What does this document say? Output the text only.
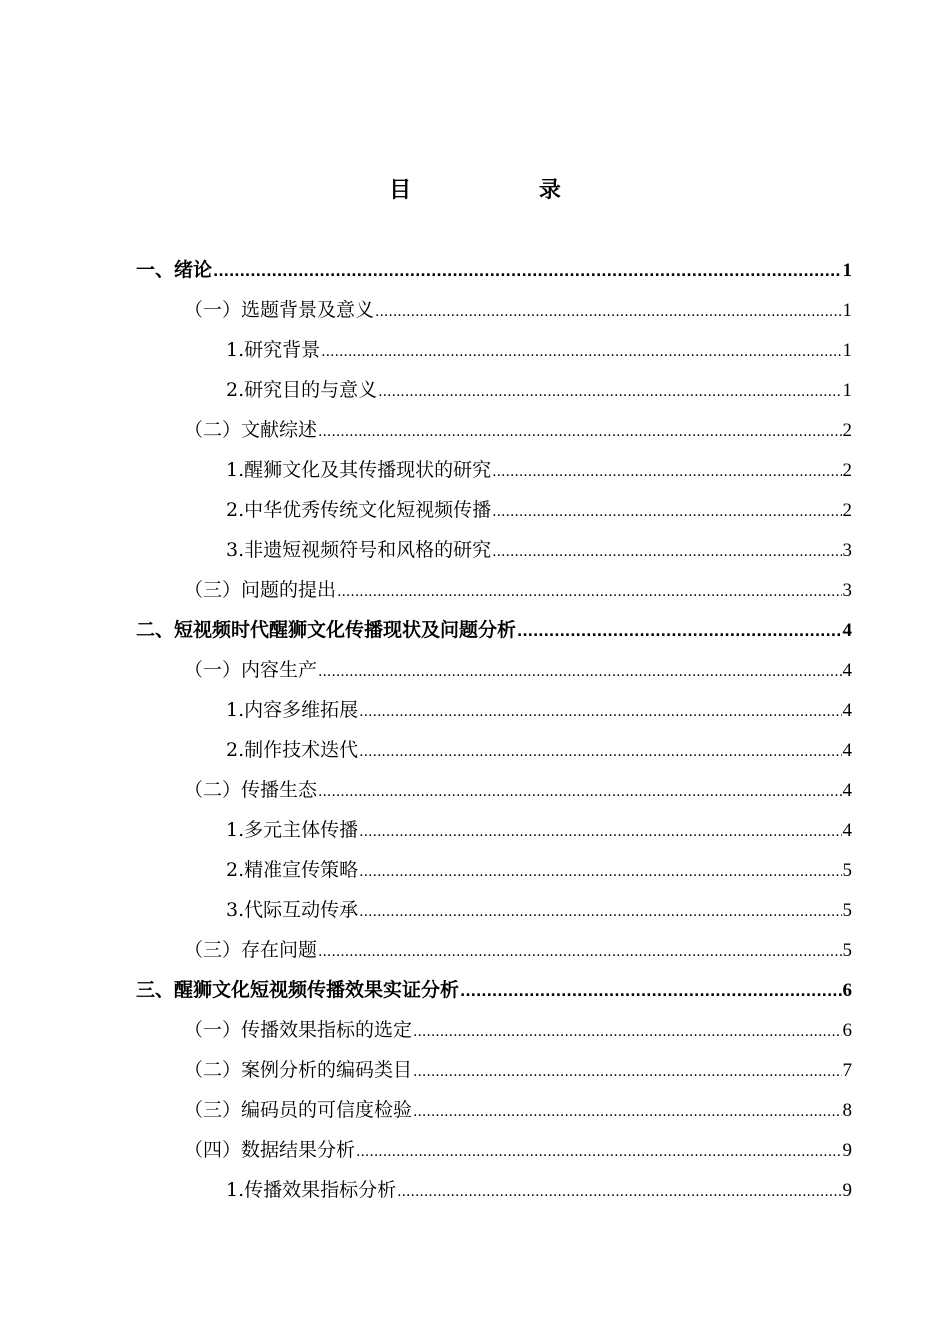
目 录
一、绪论 .....	1
（一）选题背景及意义 .....	1
1.研究背景 .....	1
2.研究目的与意义 .....	1
（二）文献综述 .....	2
1.醒狮文化及其传播现状的研究 .....	2
2.中华优秀传统文化短视频传播 .....	2
3.非遗短视频符号和风格的研究 .....	3
（三）问题的提出 .....	3
二、短视频时代醒狮文化传播现状及问题分析 .....	4
（一）内容生产 .....	4
1.内容多维拓展 .....	4
2.制作技术迭代 .....	4
（二）传播生态 .....	4
1.多元主体传播 .....	4
2.精准宣传策略 .....	5
3.代际互动传承 .....	5
（三）存在问题 .....	5
三、醒狮文化短视频传播效果实证分析 .....	6
（一）传播效果指标的选定 .....	6
（二）案例分析的编码类目 .....	7
（三）编码员的可信度检验 .....	8
（四）数据结果分析 .....	9
1.传播效果指标分析 .....	9
